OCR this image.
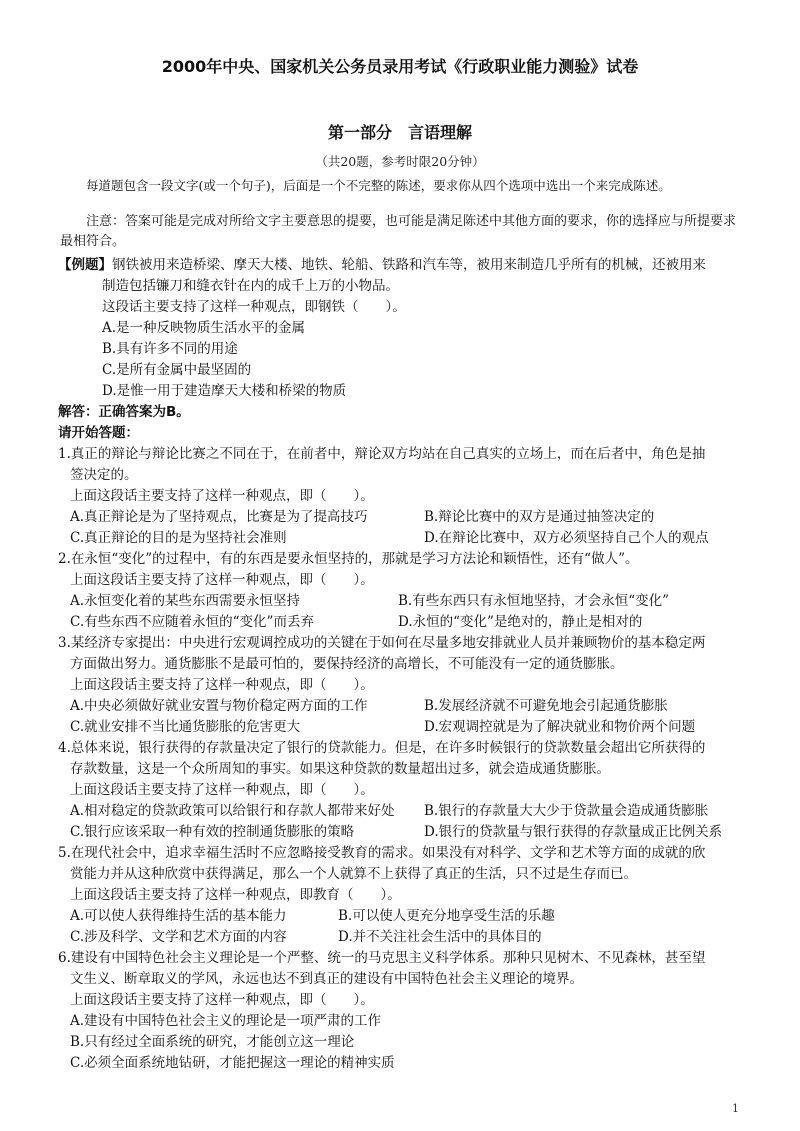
2000年中央、国家机关公务员录用考试《行政职业能力测验》试卷
第一部分　言语理解
（共20题，参考时限20分钟）
每道题包含一段文字(或一个句子)，后面是一个不完整的陈述，要求你从四个选项中选出一个来完成陈述。
注意：答案可能是完成对所给文字主要意思的提要，也可能是满足陈述中其他方面的要求，你的选择应与所提要求最相符合。
【例题】钢铁被用来造桥梁、摩天大楼、地铁、轮船、铁路和汽车等，被用来制造几乎所有的机械，还被用来
制造包括镰刀和缝衣针在内的成千上万的小物品。
这段话主要支持了这样一种观点，即钢铁（　　）。
A.是一种反映物质生活水平的金属
B.具有许多不同的用途
C.是所有金属中最坚固的
D.是惟一用于建造摩天大楼和桥梁的物质
解答：正确答案为B。
请开始答题：
1.真正的辩论与辩论比赛之不同在于，在前者中，辩论双方均站在自己真实的立场上，而在后者中，角色是抽
签决定的。
上面这段话主要支持了这样一种观点，即（　　）。
A.真正辩论是为了坚持观点，比赛是为了提高技巧	B.辩论比赛中的双方是通过抽签决定的
C.真正辩论的目的是为坚持社会准则	D.在辩论比赛中，双方必须坚持自己个人的观点
2.在永恒“变化”的过程中，有的东西是要永恒坚持的，那就是学习方法论和颖悟性，还有“做人”。
上面这段话主要支持了这样一种观点，即（　　）。
A.永恒变化着的某些东西需要永恒坚持	B.有些东西只有永恒地坚持，才会永恒“变化”
C.有些东西不应随着永恒的“变化”而丢弃	D.永恒的“变化”是绝对的，静止是相对的
3.某经济专家提出：中央进行宏观调控成功的关键在于如何在尽量多地安排就业人员并兼顾物价的基本稳定两
方面做出努力。通货膨胀不是最可怕的，要保持经济的高增长，不可能没有一定的通货膨胀。
上面这段话主要支持了这样一种观点，即（　　）。
A.中央必须做好就业安置与物价稳定两方面的工作	B.发展经济就不可避免地会引起通货膨胀
C.就业安排不当比通货膨胀的危害更大	D.宏观调控就是为了解决就业和物价两个问题
4.总体来说，银行获得的存款量决定了银行的贷款能力。但是，在许多时候银行的贷款数量会超出它所获得的
存款数量，这是一个众所周知的事实。如果这种贷款的数量超出过多，就会造成通货膨胀。
上面这段话主要支持了这样一种观点，即（　　）。
A.相对稳定的贷款政策可以给银行和存款人都带来好处	B.银行的存款量大大少于贷款量会造成通货膨胀
C.银行应该采取一种有效的控制通货膨胀的策略	D.银行的贷款量与银行获得的存款量成正比例关系
5.在现代社会中，追求幸福生活时不应忽略接受教育的需求。如果没有对科学、文学和艺术等方面的成就的欣
赏能力并从这种欣赏中获得满足，那么一个人就算不上获得了真正的生活，只不过是生存而已。
上面这段话主要支持了这样一种观点，即教育（　　）。
A.可以使人获得维持生活的基本能力	B.可以使人更充分地享受生活的乐趣
C.涉及科学、文学和艺术方面的内容	D.并不关注社会生活中的具体目的
6.建设有中国特色社会主义理论是一个严整、统一的马克思主义科学体系。那种只见树木、不见森林，甚至望
文生义、断章取义的学风，永远也达不到真正的建设有中国特色社会主义理论的境界。
上面这段话主要支持了这样一种观点，即（　　）。
A.建设有中国特色社会主义的理论是一项严肃的工作
B.只有经过全面系统的研究，才能创立这一理论
C.必须全面系统地钻研，才能把握这一理论的精神实质
1
